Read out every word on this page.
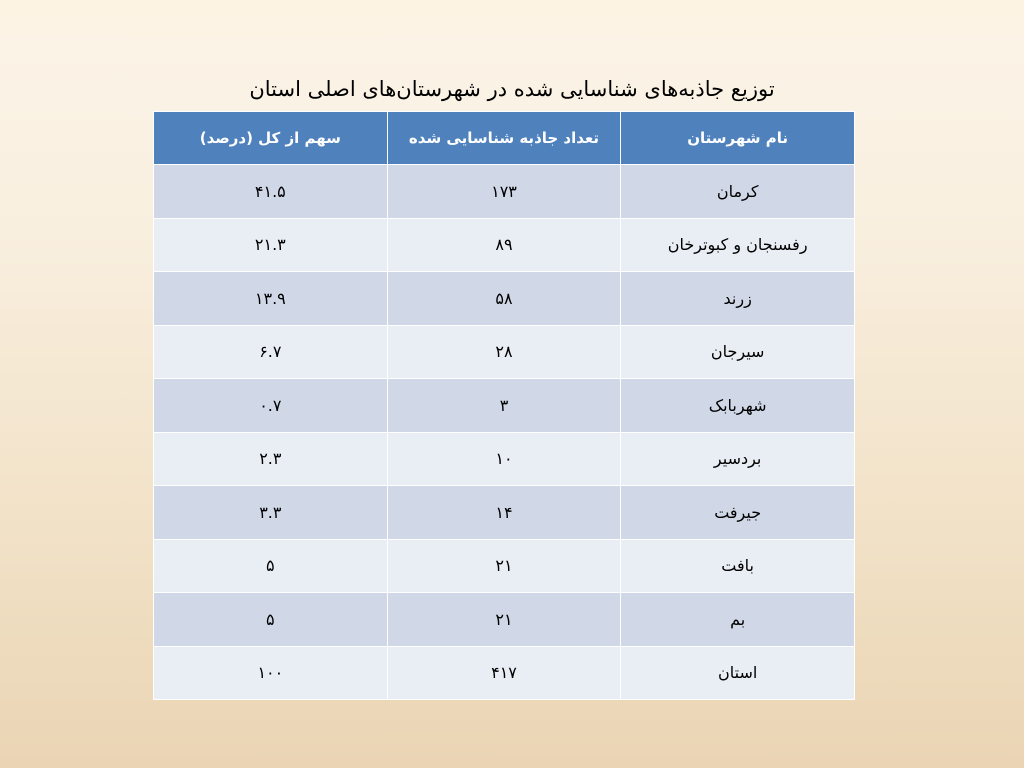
توزیع جاذبه‌های شناسایی شده در شهرستان‌های اصلی استان
نام شهرستان	تعداد جاذبه شناسایی شده	سهم از کل (درصد)
کرمان	۱۷۳	۴۱.۵
رفسنجان و کبوترخان	۸۹	۲۱.۳
زرند	۵۸	۱۳.۹
سیرجان	۲۸	۶.۷
شهربابک	۳	۰.۷
بردسیر	۱۰	۲.۳
جیرفت	۱۴	۳.۳
بافت	۲۱	۵
بم	۲۱	۵
استان	۴۱۷	۱۰۰
